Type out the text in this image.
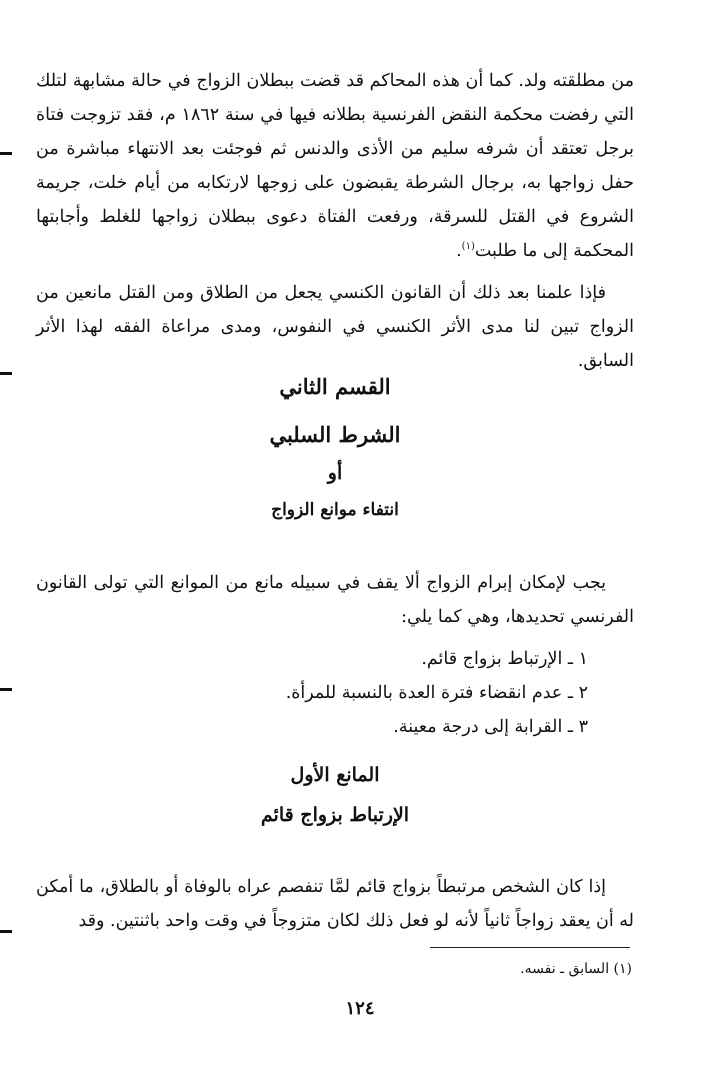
من مطلقته ولد. كما أن هذه المحاكم قد قضت ببطلان الزواج في حالة مشابهة لتلك التي رفضت محكمة النقض الفرنسية بطلانه فيها في سنة ١٨٦٢ م، فقد تزوجت فتاة برجل تعتقد أن شرفه سليم من الأذى والدنس ثم فوجئت بعد الانتهاء مباشرة من حفل زواجها به، برجال الشرطة يقبضون على زوجها لارتكابه من أيام خلت، جريمة الشروع في القتل للسرقة، ورفعت الفتاة دعوى ببطلان زواجها للغلط وأجابتها المحكمة إلى ما طلبت$^{(١)}$.

فإذا علمنا بعد ذلك أن القانون الكنسي يجعل من الطلاق ومن القتل مانعين من الزواج تبين لنا مدى الأثر الكنسي في النفوس، ومدى مراعاة الفقه لهذا الأثر السابق.

القسم الثاني
الشرط السلبي
أو
انتفاء موانع الزواج

يجب لإمكان إبرام الزواج ألا يقف في سبيله مانع من الموانع التي تولى القانون الفرنسي تحديدها، وهي كما يلي:

١ ـ الإرتباط بزواج قائم.
٢ ـ عدم انقضاء فترة العدة بالنسبة للمرأة.
٣ ـ القرابة إلى درجة معينة.
المانع الأول
الإرتباط بزواج قائم

إذا كان الشخص مرتبطاً بزواج قائم لمَّا تنفصم عراه بالوفاة أو بالطلاق، ما أمكن له أن يعقد زواجاً ثانياً لأنه لو فعل ذلك لكان متزوجاً في وقت واحد باثنتين. وقد

(١) السابق ـ نفسه.
١٢٤
